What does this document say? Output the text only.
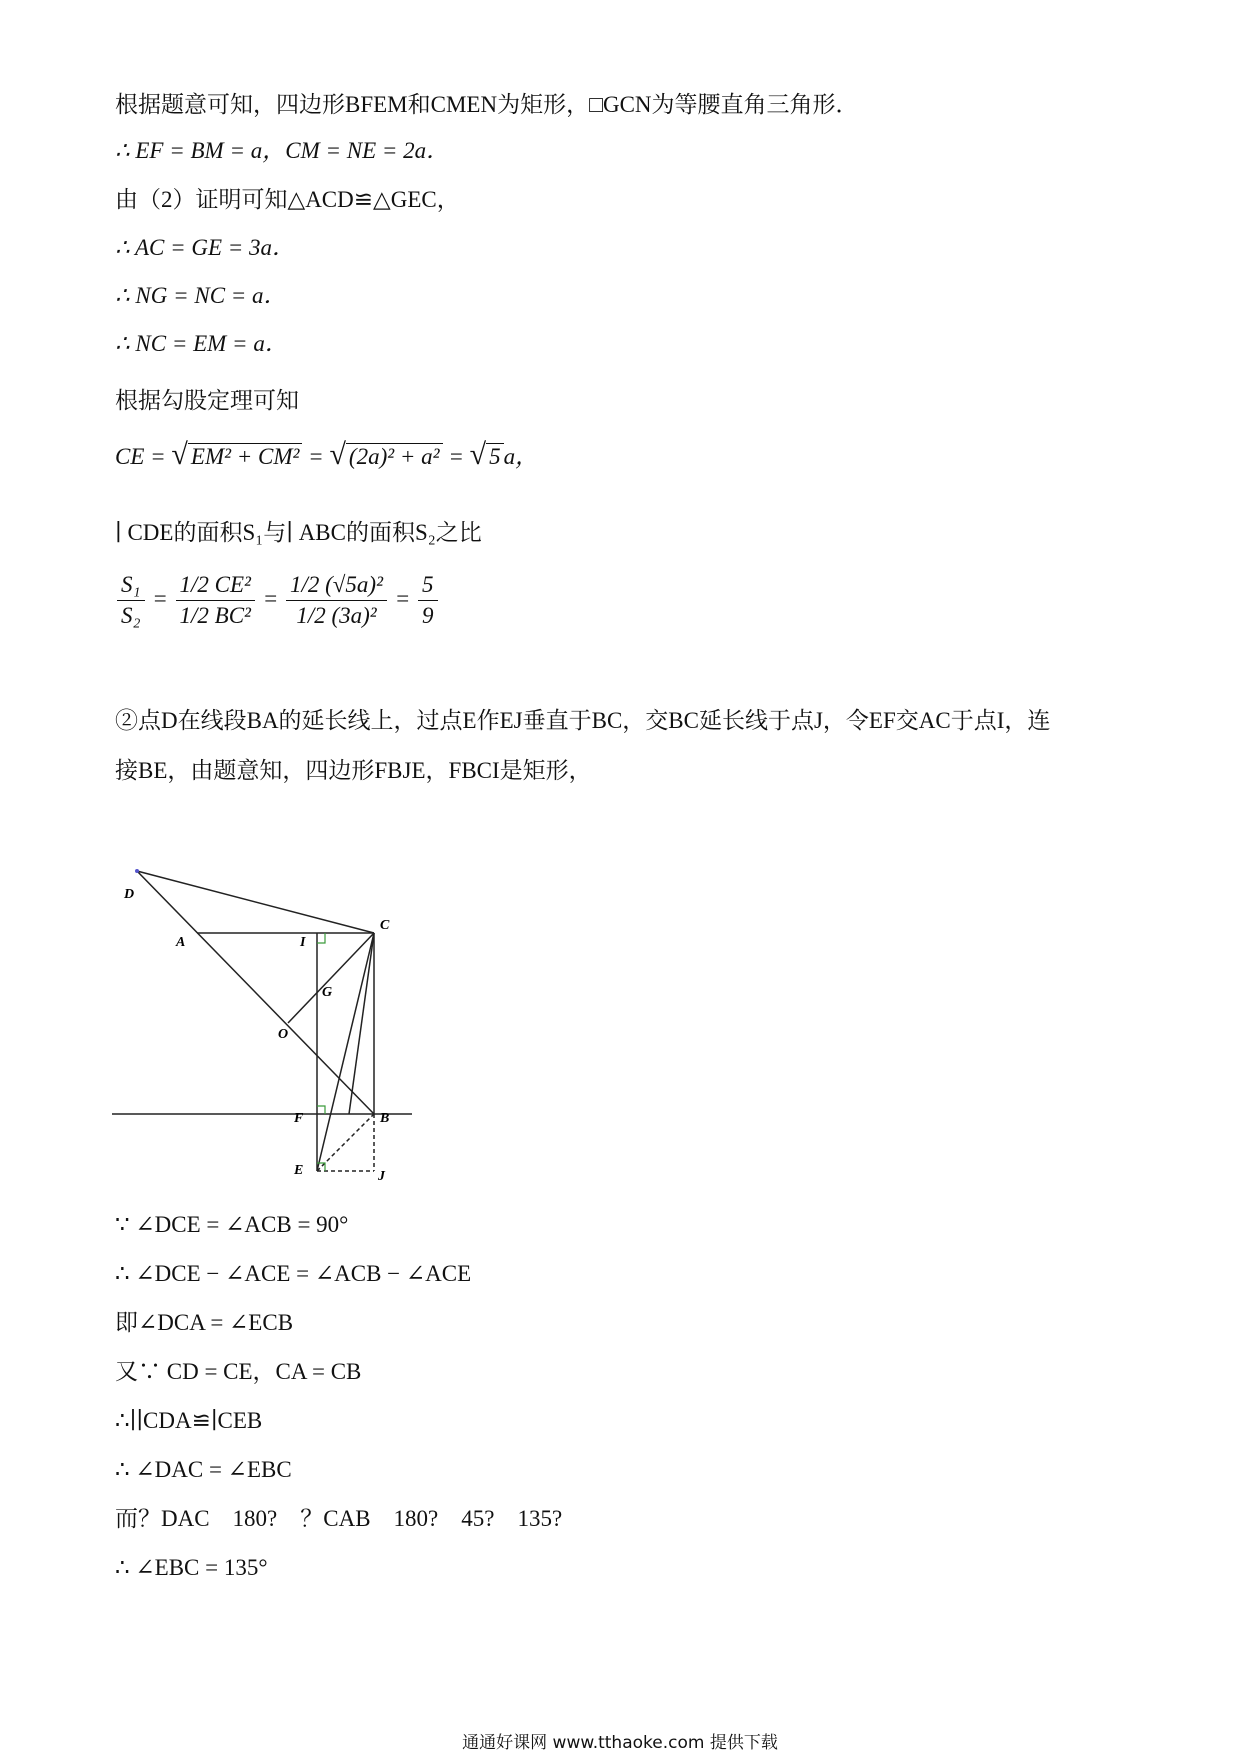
根据题意可知，四边形BFEM和CMEN为矩形，□GCN为等腰直角三角形．
∴ EF = BM = a，CM = NE = 2a．
由（2）证明可知△ACD≌△GEC，
∴ AC = GE = 3a．
∴ NG = NC = a．
∴ NC = EM = a．
根据勾股定理可知
CE = √ EM² + CM² = √ (2a)² + a² = √ 5 a，
∣ CDE的面积S₁与∣ ABC的面积S₂之比
$\frac{\text{S₁}}{\text{S₂}} = \frac{\text{1/2 CE²}}{\text{1/2 BC²}} = \frac{\text{1/2 (√5a)²}}{\text{1/2 (3a)²}} = \frac{5}{9}$
②点D在线段BA的延长线上，过点E作EJ垂直于BC，交BC延长线于点J，令EF交AC于点I，连
接BE，由题意知，四边形FBJE，FBCI是矩形，
D
A
C
I
G
O
F	B
E	J
∵ ∠DCE = ∠ACB = 90°
∴ ∠DCE − ∠ACE = ∠ACB − ∠ACE
即∠DCA = ∠ECB
又∵ CD = CE，CA = CB
∴∣∣CDA≌∣CEB
∴ ∠DAC = ∠EBC
而？DAC　180?　？CAB　180?　45?　135?
∴ ∠EBC = 135°
通通好课网 www.tthaoke.com 提供下载
